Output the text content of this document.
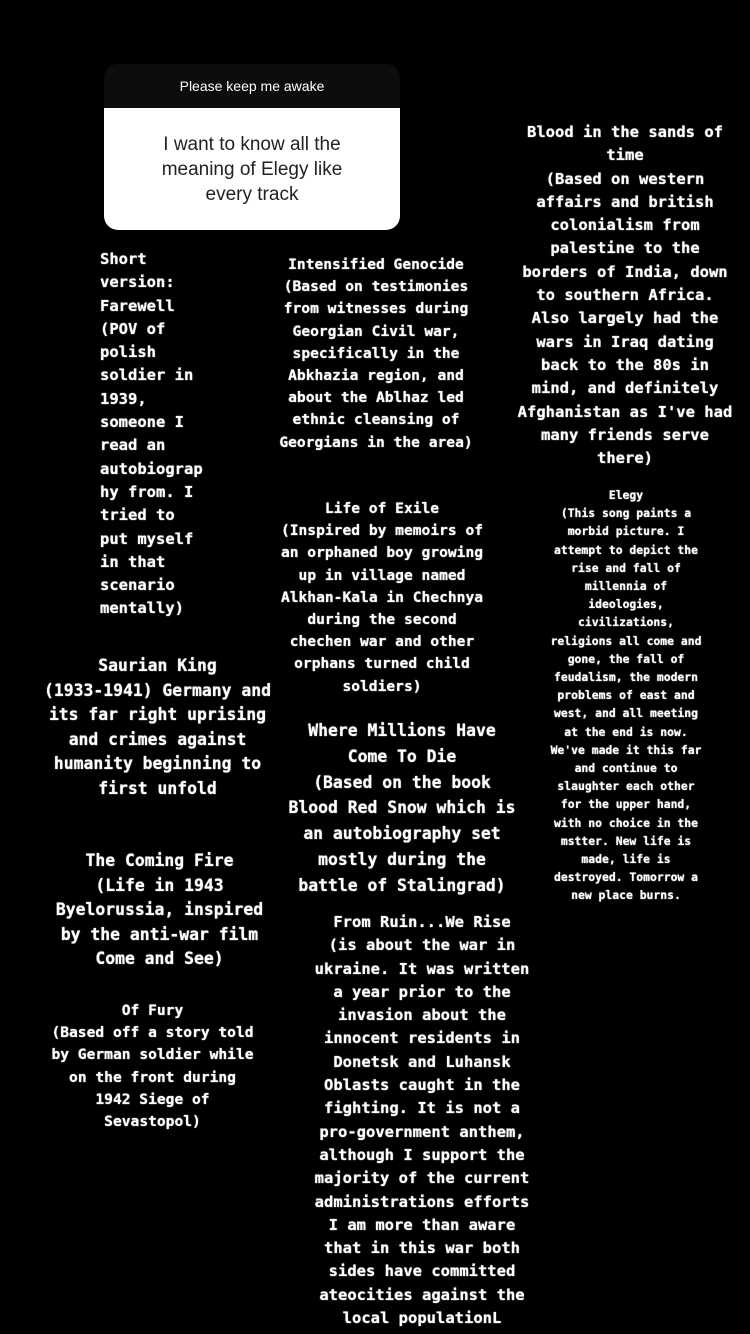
Please keep me awake
I want to know all the
meaning of Elegy like
every track
Short
version:
Farewell
(POV of
polish
soldier in
1939,
someone I
read an
autobiograp
hy from. I
tried to
put myself
in that
scenario
mentally)
Intensified Genocide
(Based on testimonies
from witnesses during
Georgian Civil war,
specifically in the
Abkhazia region, and
about the Ablhaz led
ethnic cleansing of
Georgians in the area)
Blood in the sands of
time
(Based on western
affairs and british
colonialism from
palestine to the
borders of India, down
to southern Africa.
Also largely had the
wars in Iraq dating
back to the 80s in
mind, and definitely
Afghanistan as I've had
many friends serve
there)
Life of Exile
(Inspired by memoirs of
an orphaned boy growing
up in village named
Alkhan-Kala in Chechnya
during the second
chechen war and other
orphans turned child
soldiers)
Elegy
(This song paints a
morbid picture. I
attempt to depict the
rise and fall of
millennia of
ideologies,
civilizations,
religions all come and
gone, the fall of
feudalism, the modern
problems of east and
west, and all meeting
at the end is now.
We've made it this far
and continue to
slaughter each other
for the upper hand,
with no choice in the
mstter. New life is
made, life is
destroyed. Tomorrow a
new place burns.
Saurian King
(1933-1941) Germany and
its far right uprising
and crimes against
humanity beginning to
first unfold
Where Millions Have
Come To Die
(Based on the book
Blood Red Snow which is
an autobiography set
mostly during the
battle of Stalingrad)
The Coming Fire
(Life in 1943
Byelorussia, inspired
by the anti-war film
Come and See)
From Ruin...We Rise
(is about the war in
ukraine. It was written
a year prior to the
invasion about the
innocent residents in
Donetsk and Luhansk
Oblasts caught in the
fighting. It is not a
pro-government anthem,
although I support the
majority of the current
administrations efforts
I am more than aware
that in this war both
sides have committed
ateocities against the
local populationL
Of Fury
(Based off a story told
by German soldier while
on the front during
1942 Siege of
Sevastopol)
